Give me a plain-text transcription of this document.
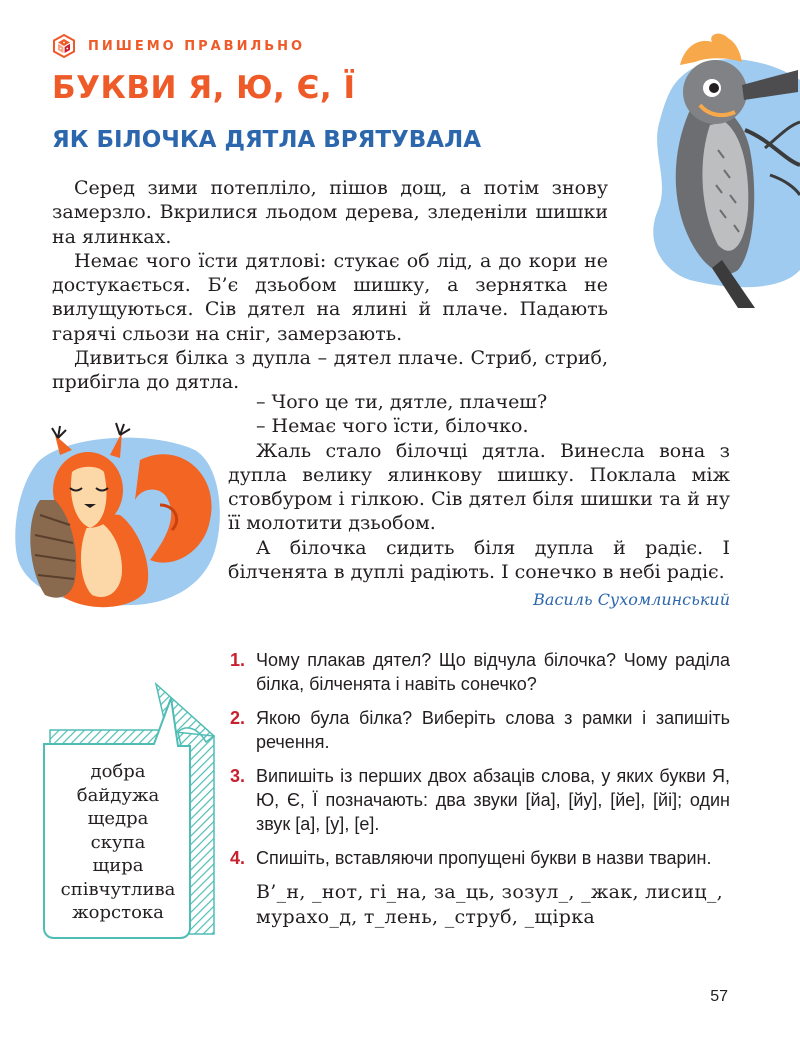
ПИШЕМО ПРАВИЛЬНО
БУКВИ Я, Ю, Є, Ї
ЯК БІЛОЧКА ДЯТЛА ВРЯТУВАЛА

Серед зими потепліло, пішов дощ, а потім знову замерзло. Вкрилися льодом дерева, зледеніли шишки на ялинках.

Немає чого їсти дятлові: стукає об лід, а до кори не достукається. Б’є дзьобом шишку, а зернятка не вилущуються. Сів дятел на ялині й плаче. Падають гарячі сльози на сніг, замерзають.

Дивиться білка з дупла – дятел плаче. Стриб, стриб, прибігла до дятла.

– Чого це ти, дятле, плачеш?

– Немає чого їсти, білочко.

Жаль стало білочці дятла. Винесла вона з дупла велику ялинкову шишку. Поклала між стовбуром і гілкою. Сів дятел біля шишки та й ну її молотити дзьобом.

А білочка сидить біля дупла й радіє. І білченята в дуплі радіють. І сонечко в небі радіє.

Василь Сухомлинський
добра
байдужа
щедра
скупа
щира
співчутлива
жорстока
1. Чому плакав дятел? Що відчула білочка? Чому раділа білка, білченята і навіть сонечко?
2. Якою була білка? Виберіть слова з рамки і запишіть речення.
3. Випишіть із перших двох абзаців слова, у яких букви Я, Ю, Є, Ї позначають: два звуки [йа], [йу], [йе], [йі]; один звук [а], [у], [е].
4. Спишіть, вставляючи пропущені букви в назви тварин.
В’_н, _нот, гі_на, за_ць, зозул_, _жак, лисиц_, мурахо_д, т_лень, _струб, _щірка
57
